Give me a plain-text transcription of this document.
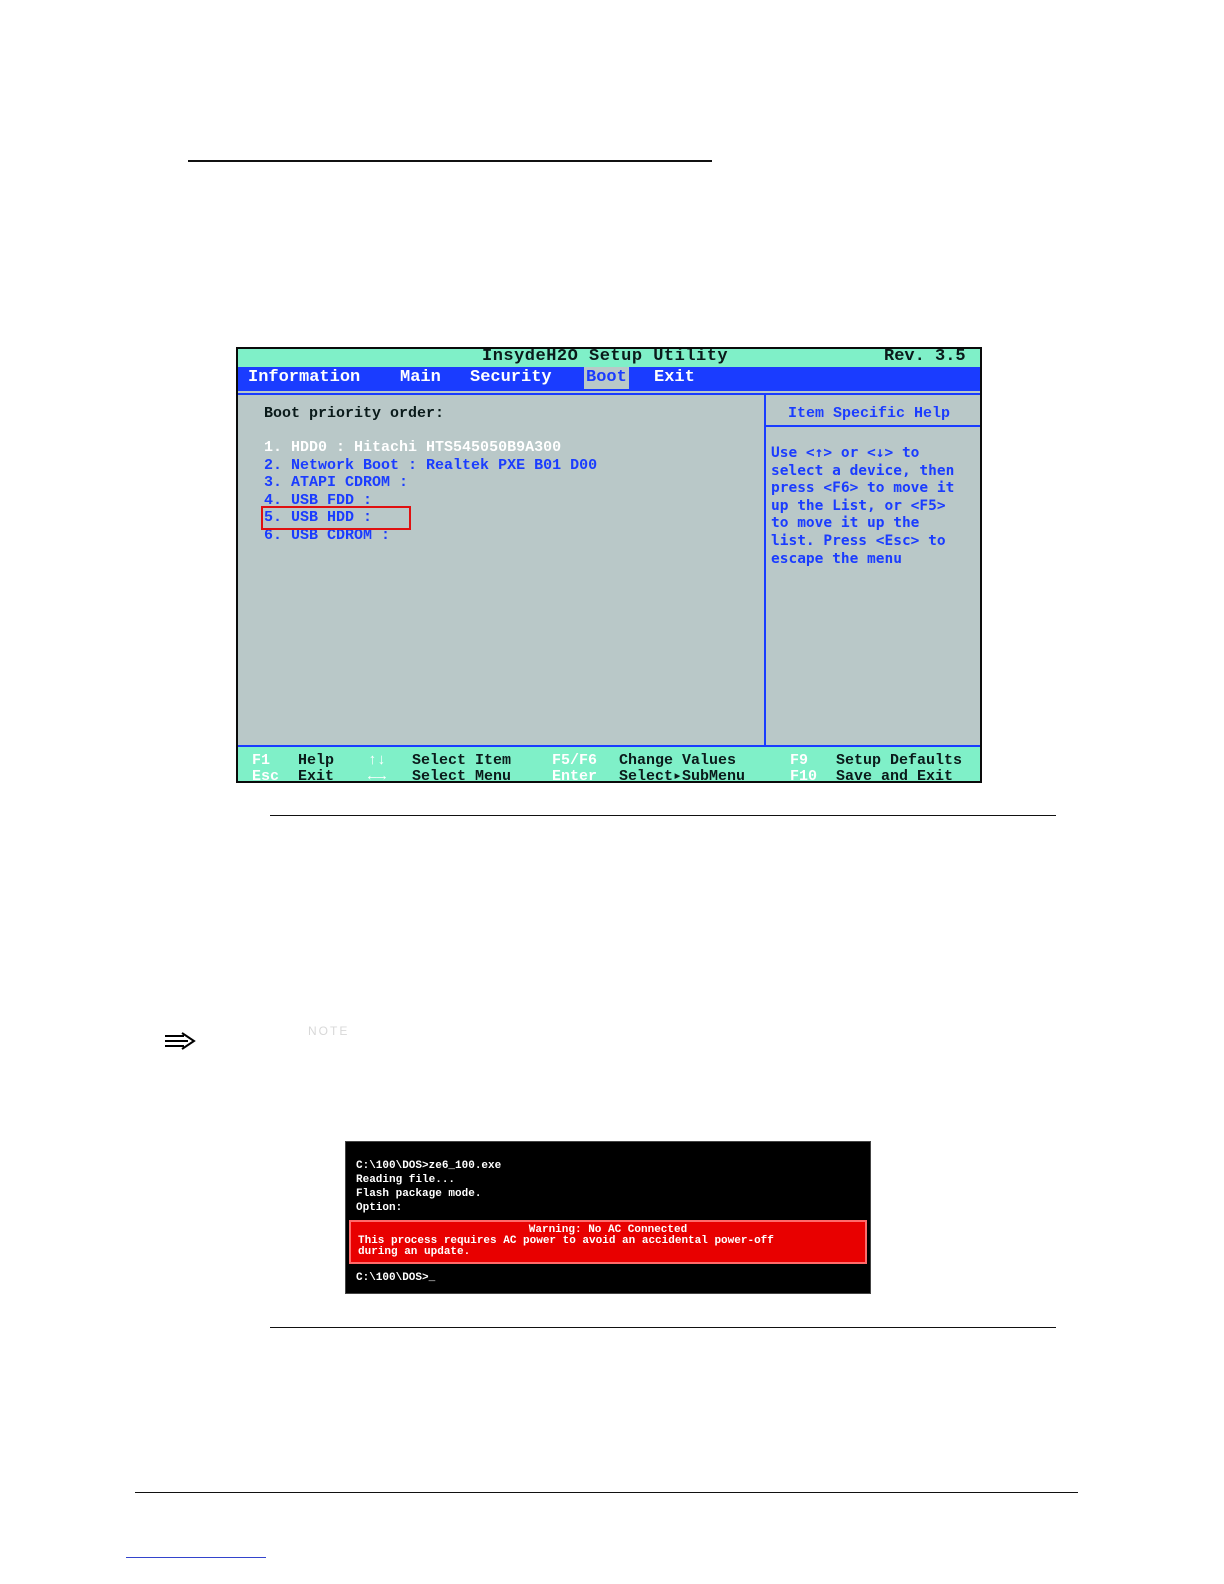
InsydeH2O Setup Utility	Rev. 3.5
Information Main Security Boot Exit
Boot priority order:
1. HDD0 : Hitachi HTS545050B9A300
2. Network Boot : Realtek PXE B01 D00
3. ATAPI CDROM :
4. USB FDD :
5. USB HDD :
6. USB CDROM :
Item Specific Help
Use <↑> or <↓> to
select a device, then
press <F6> to move it
up the List, or <F5>
to move it up the
list. Press <Esc> to
escape the menu
F1 Help ↑↓ Select Item	F5/F6 Change Values	F9 Setup Defaults
Esc Exit ←→ Select Menu	Enter Select▸SubMenu	F10 Save and Exit
NOTE
C:\100\DOS>ze6_100.exe
Reading file...
Flash package mode.
Option:
Warning: No AC Connected
This process requires AC power to avoid an accidental power-off
during an update.
C:\100\DOS>_
